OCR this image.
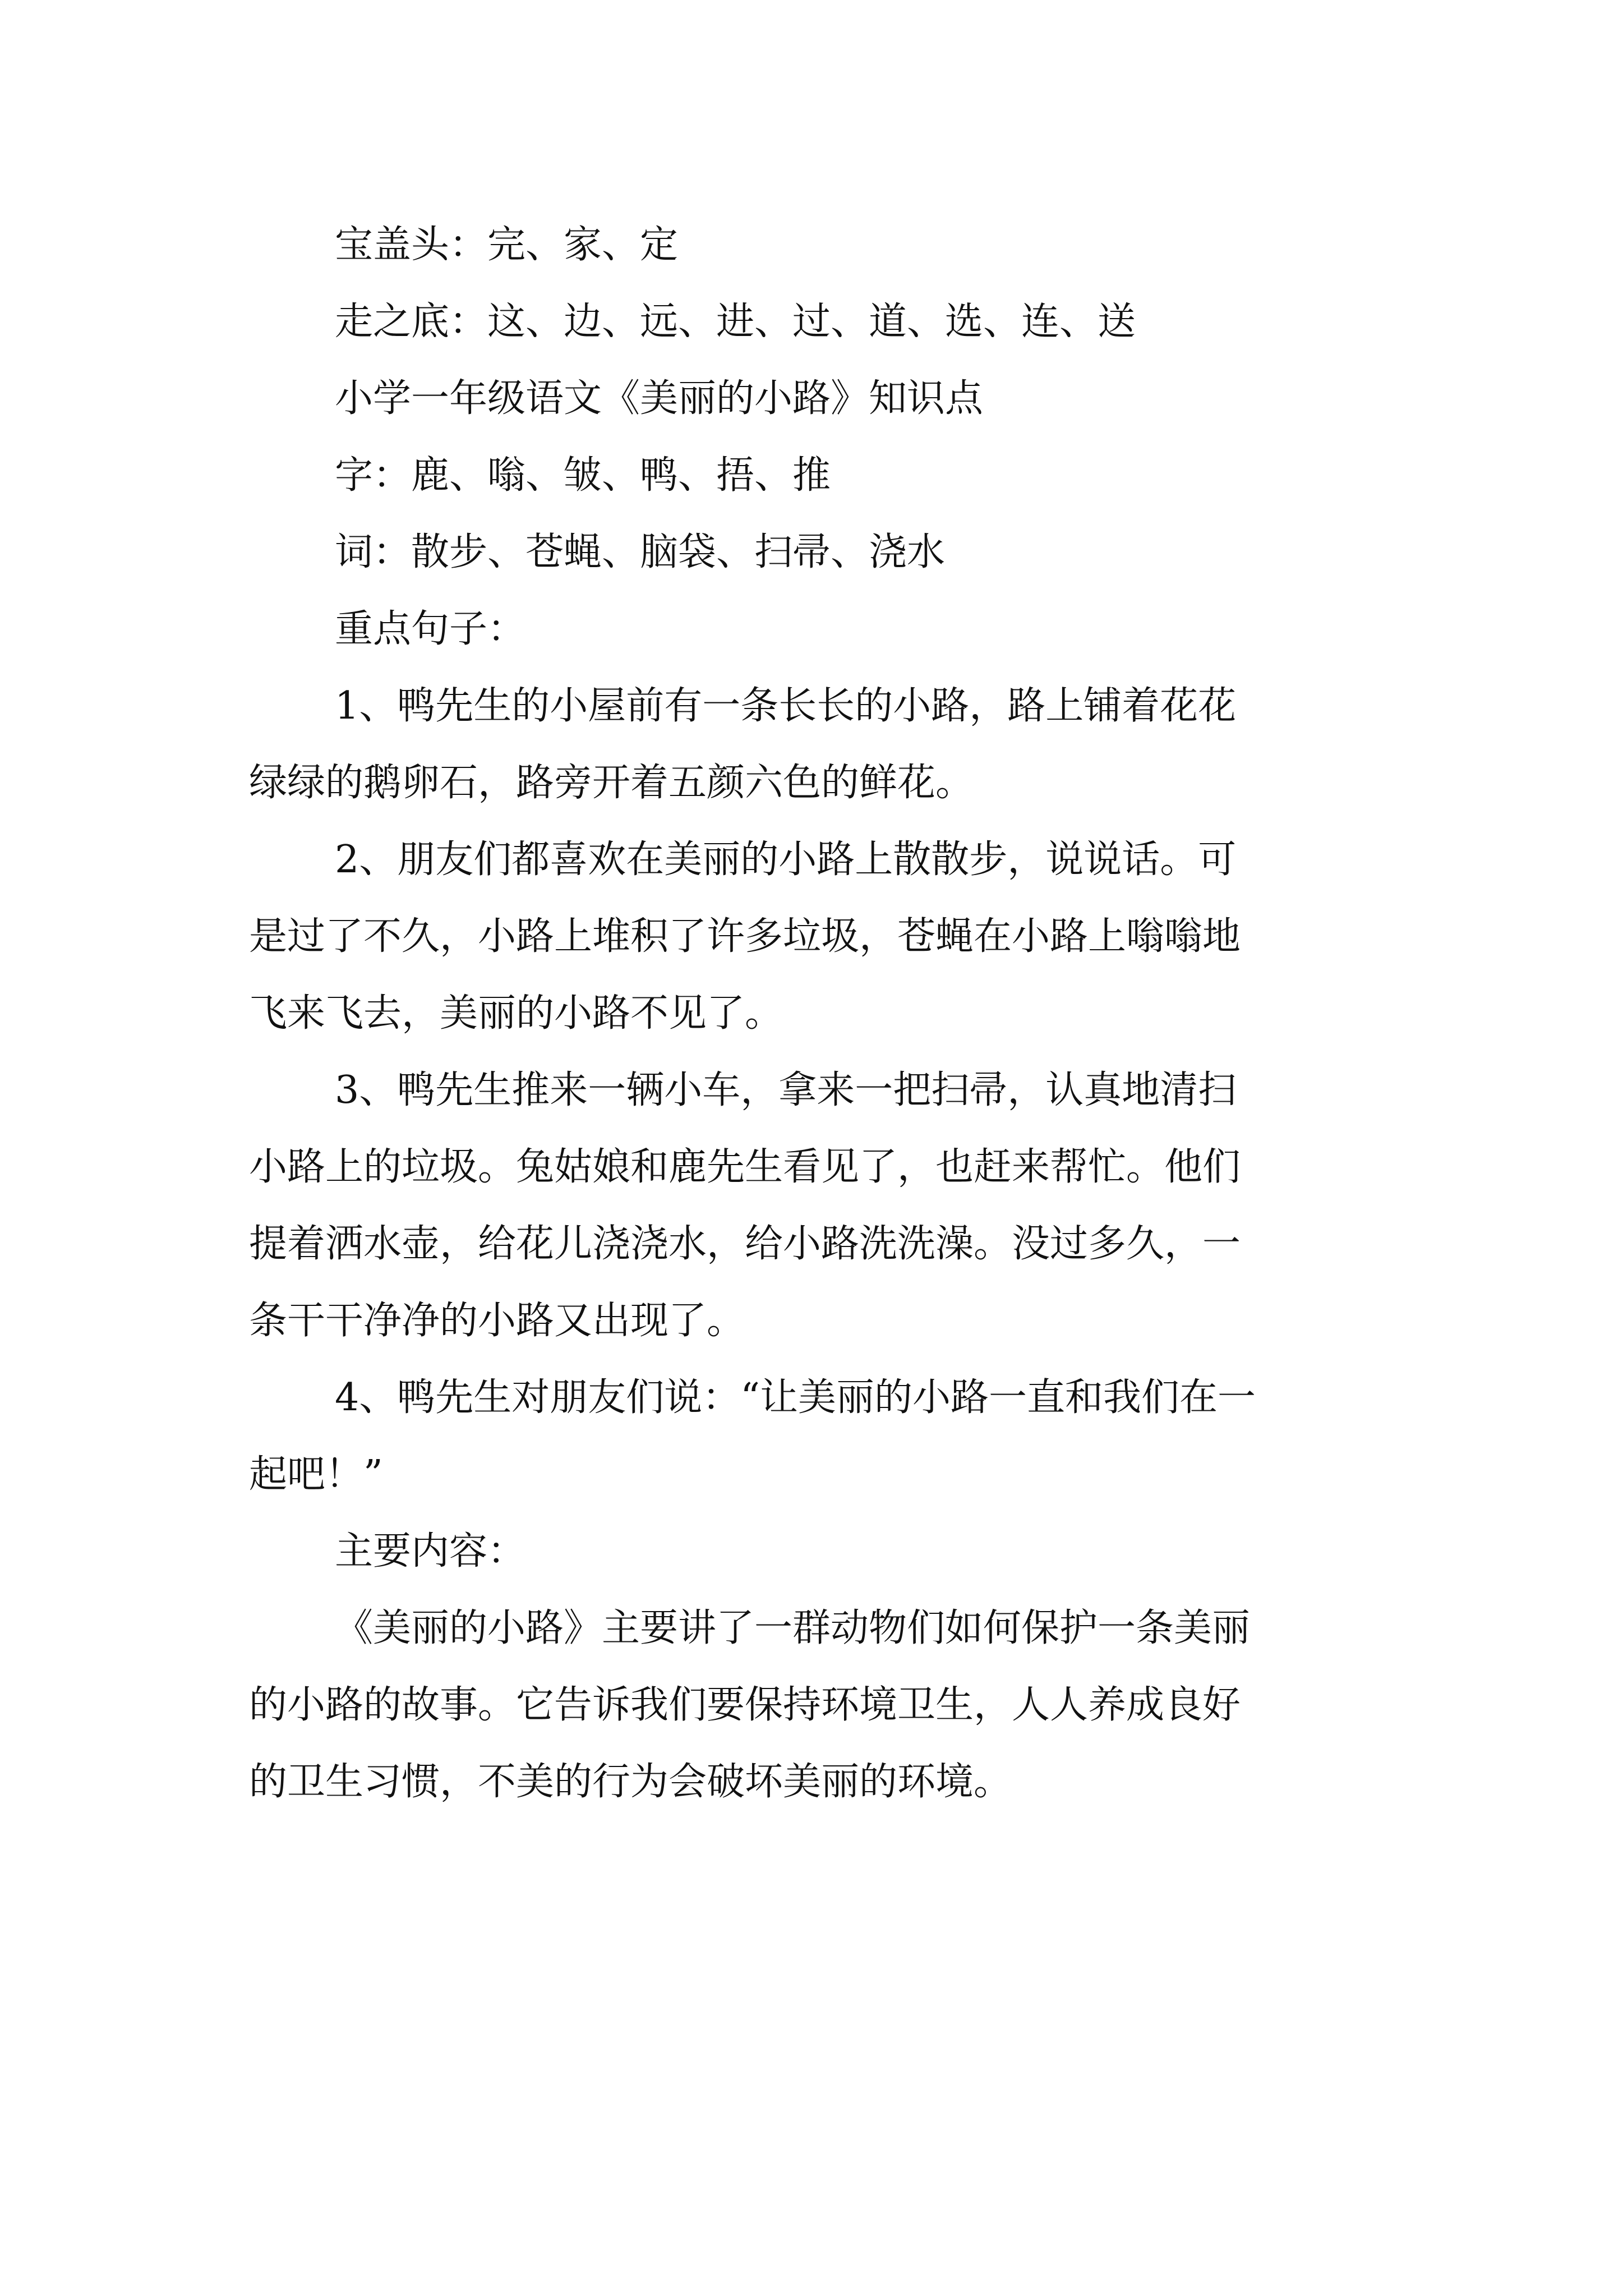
宝盖头：完、家、定

走之底：这、边、远、进、过、道、选、连、送

小学一年级语文《美丽的小路》知识点

字：鹿、嗡、皱、鸭、捂、推

词：散步、苍蝇、脑袋、扫帚、浇水

重点句子：

1、鸭先生的小屋前有一条长长的小路，路上铺着花花
绿绿的鹅卵石，路旁开着五颜六色的鲜花。
2、朋友们都喜欢在美丽的小路上散散步，说说话。可
是过了不久，小路上堆积了许多垃圾，苍蝇在小路上嗡嗡地
飞来飞去，美丽的小路不见了。
3、鸭先生推来一辆小车，拿来一把扫帚，认真地清扫
小路上的垃圾。兔姑娘和鹿先生看见了，也赶来帮忙。他们
提着洒水壶，给花儿浇浇水，给小路洗洗澡。没过多久，一
条干干净净的小路又出现了。
4、鸭先生对朋友们说：“让美丽的小路一直和我们在一
起吧！”

主要内容：

《美丽的小路》主要讲了一群动物们如何保护一条美丽
的小路的故事。它告诉我们要保持环境卫生，人人养成良好
的卫生习惯，不美的行为会破坏美丽的环境。
